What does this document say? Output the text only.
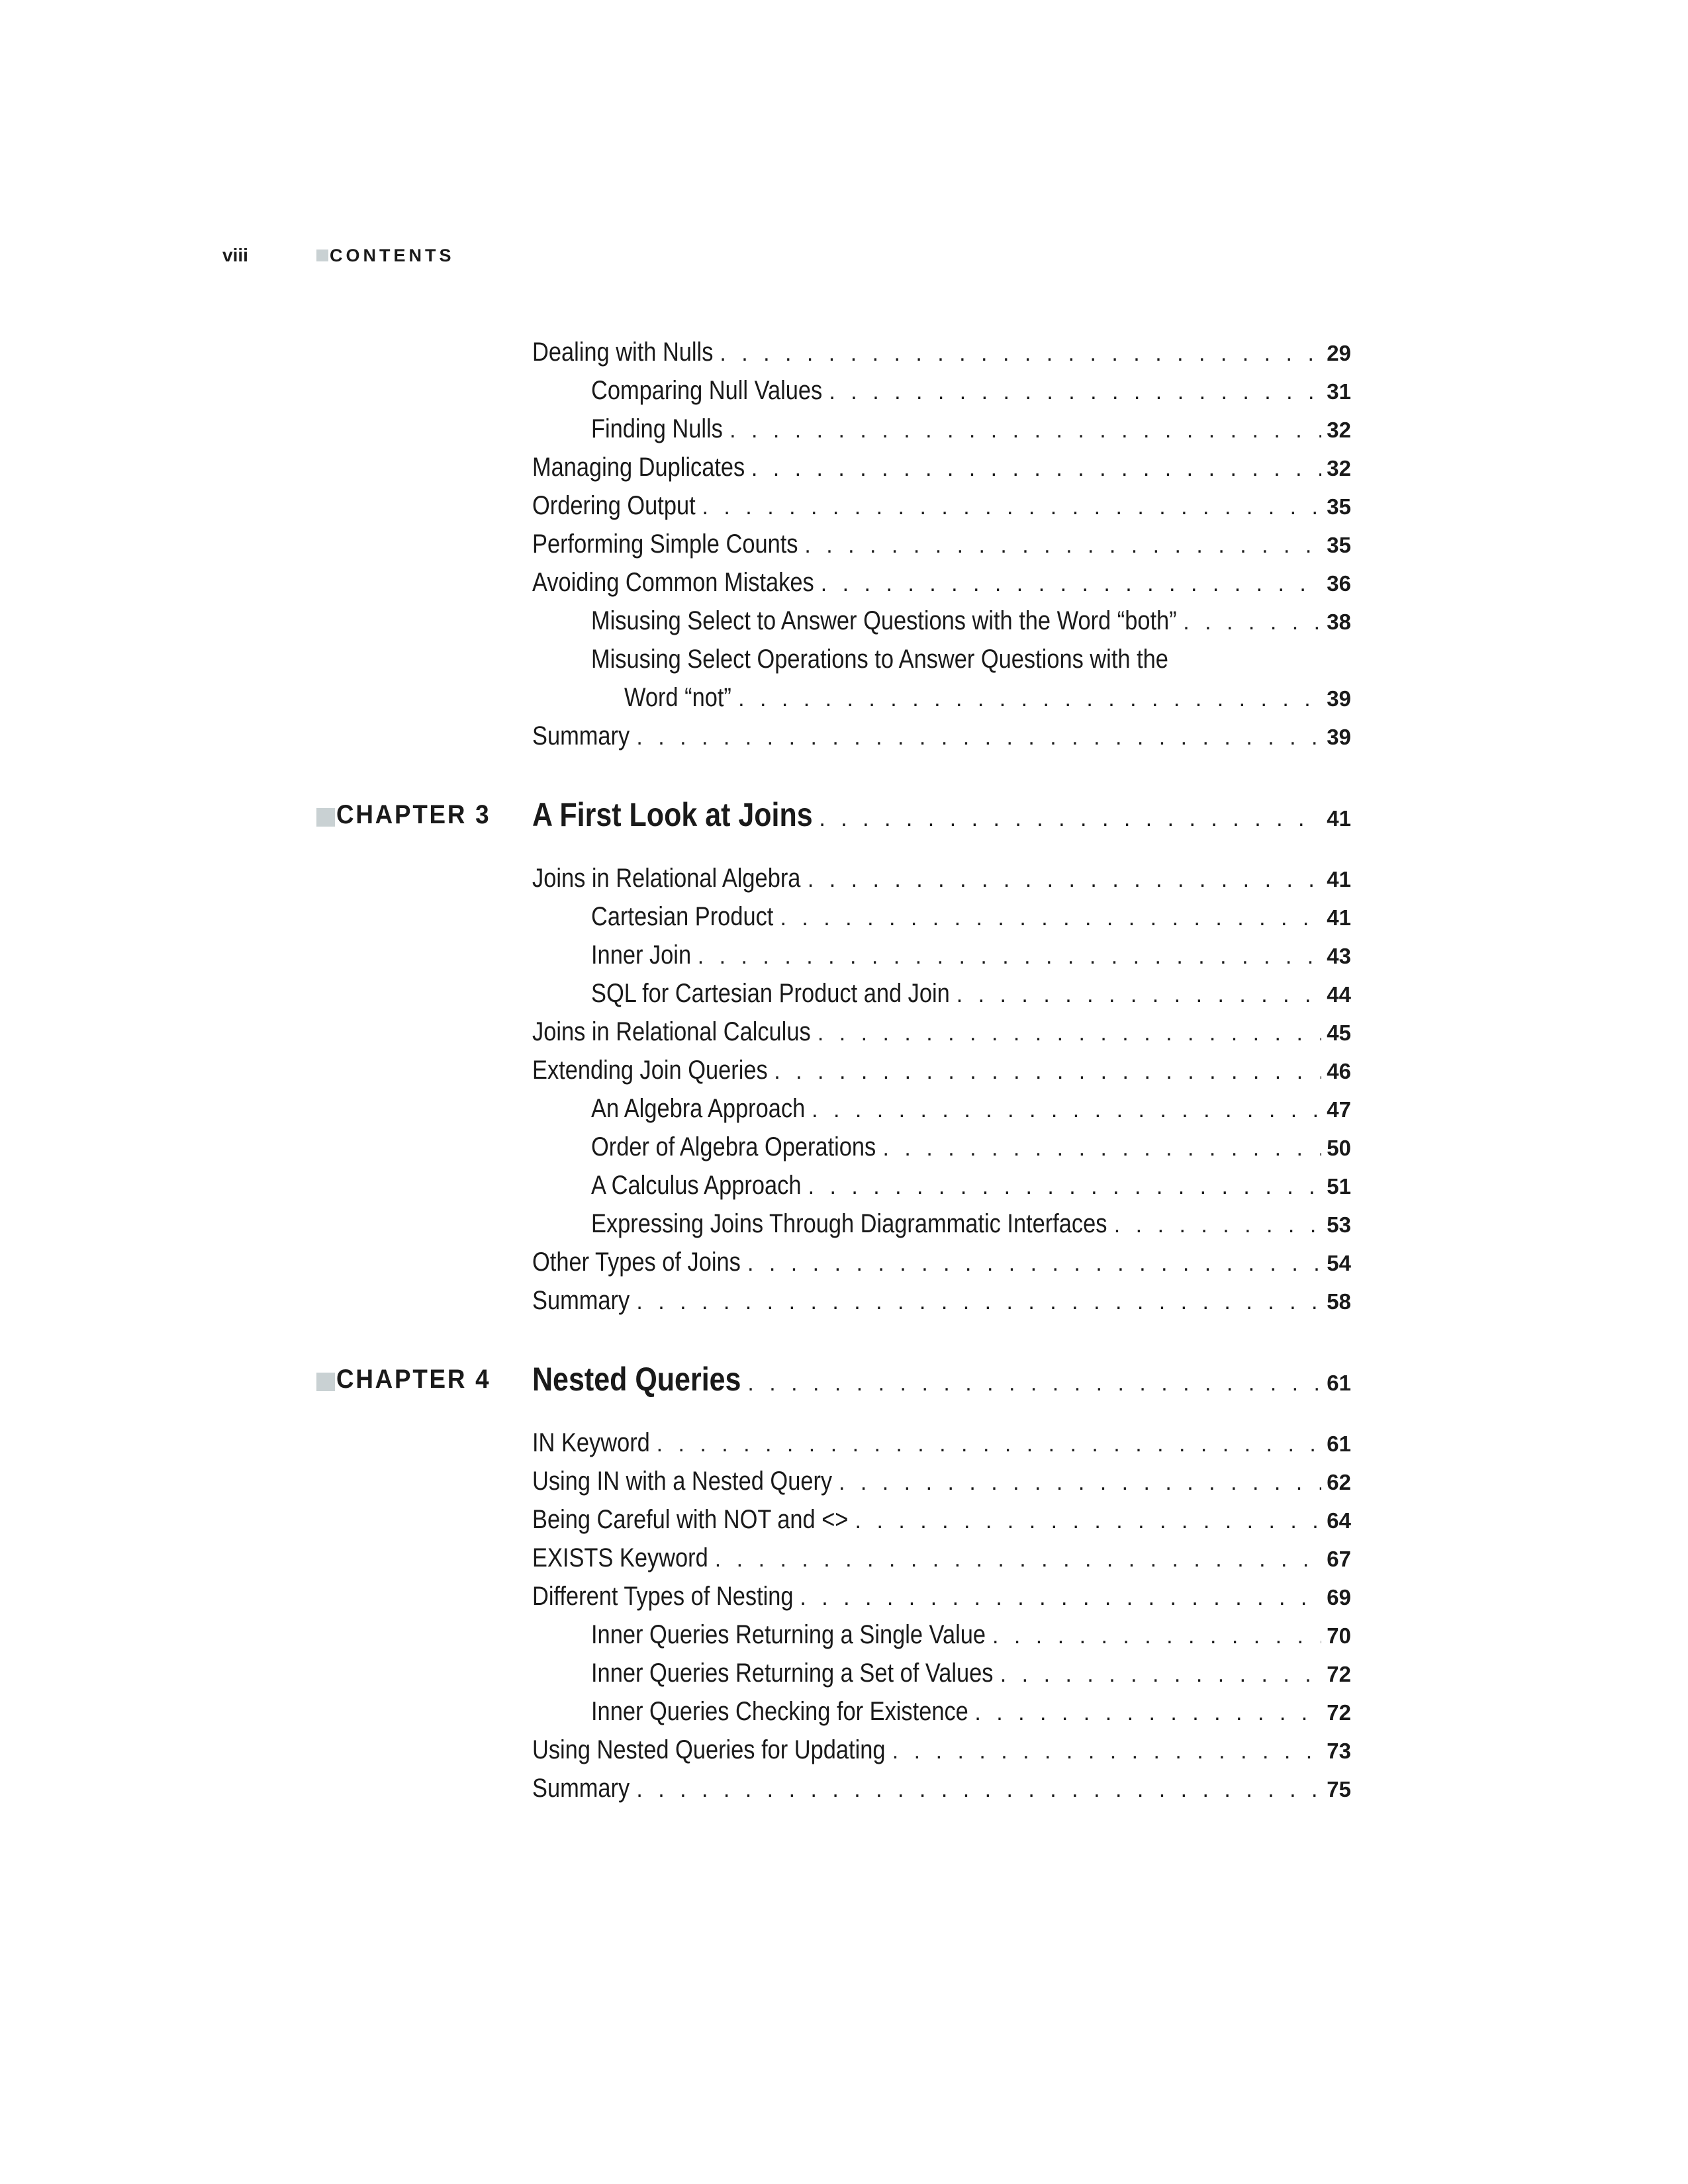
viii	CONTENTS
Dealing with Nulls . . .	29
Comparing Null Values . . .	31
Finding Nulls . . .	32
Managing Duplicates . . .	32
Ordering Output . . .	35
Performing Simple Counts . . .	35
Avoiding Common Mistakes . . .	36
Misusing Select to Answer Questions with the Word “both” . . .	38
Misusing Select Operations to Answer Questions with the
Word “not” . . .	39
Summary . . .	39
CHAPTER 3 A First Look at Joins . . .	41
Joins in Relational Algebra . . .	41
Cartesian Product . . .	41
Inner Join . . .	43
SQL for Cartesian Product and Join . . .	44
Joins in Relational Calculus . . .	45
Extending Join Queries . . .	46
An Algebra Approach . . .	47
Order of Algebra Operations . . .	50
A Calculus Approach . . .	51
Expressing Joins Through Diagrammatic Interfaces . . .	53
Other Types of Joins . . .	54
Summary . . .	58
CHAPTER 4 Nested Queries . . .	61
IN Keyword . . .	61
Using IN with a Nested Query . . .	62
Being Careful with NOT and <> . . .	64
EXISTS Keyword . . .	67
Different Types of Nesting . . .	69
Inner Queries Returning a Single Value . . .	70
Inner Queries Returning a Set of Values . . .	72
Inner Queries Checking for Existence . . .	72
Using Nested Queries for Updating . . .	73
Summary . . .	75
